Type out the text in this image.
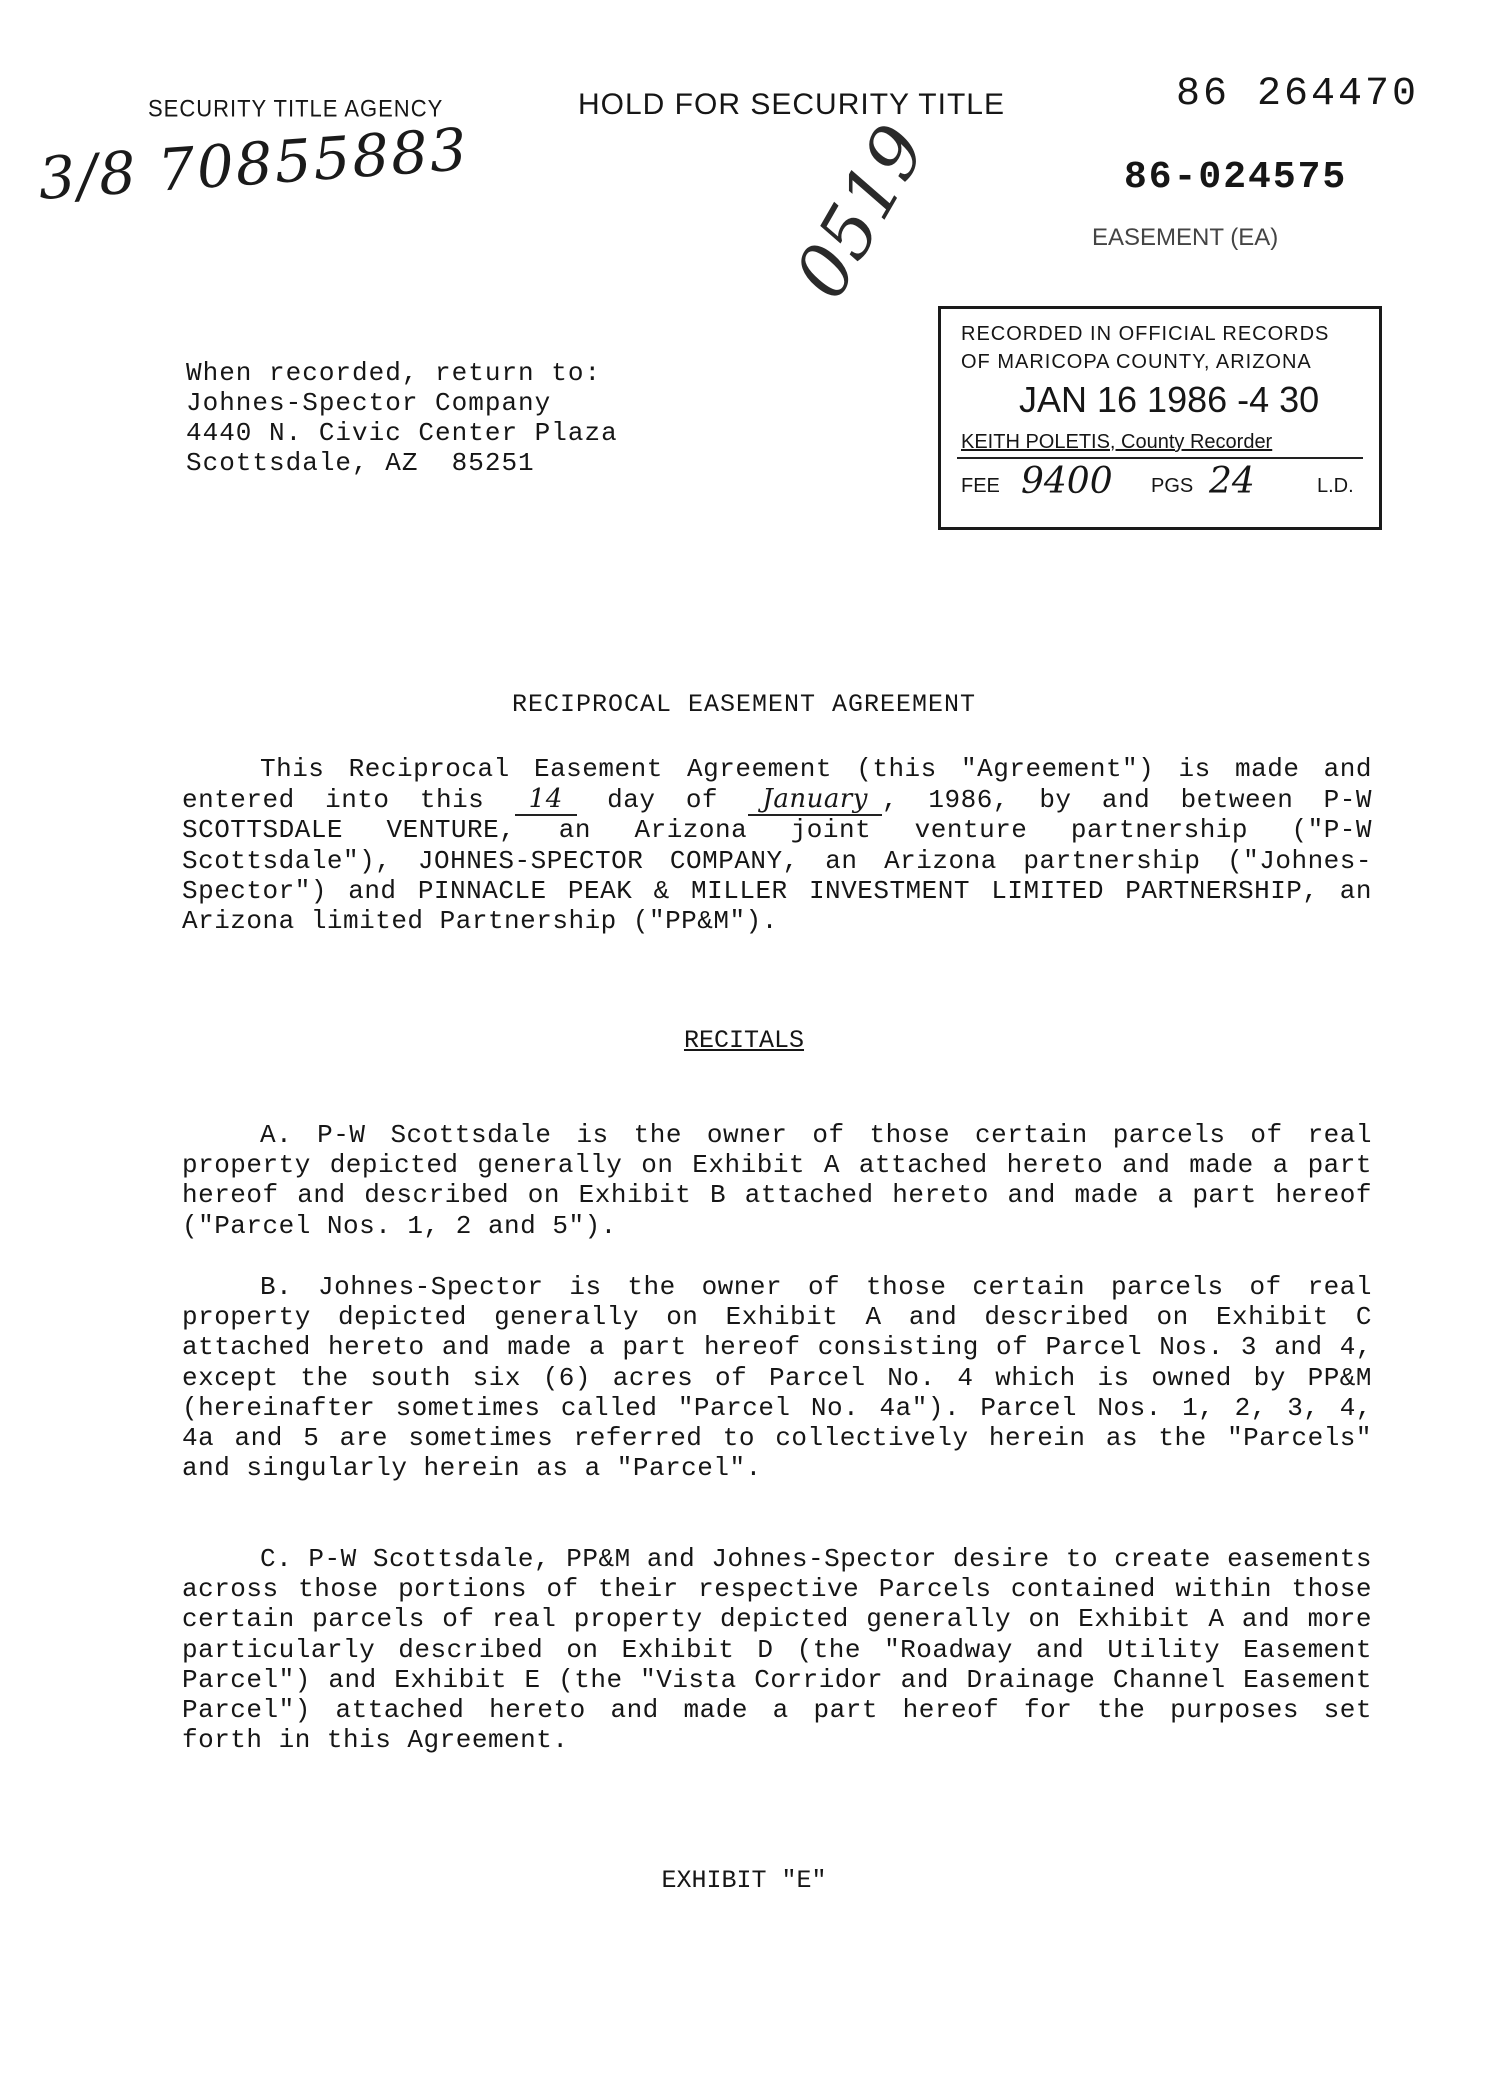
SECURITY TITLE AGENCY	HOLD FOR SECURITY TITLE
3/8 70855883	0519
86 264470
86-024575
EASEMENT (EA)
RECORDED IN OFFICIAL RECORDS
OF MARICOPA COUNTY, ARIZONA
JAN 16 1986 -4 30
KEITH POLETIS, County Recorder
FEE 9400 PGS 24	L.D.
When recorded, return to:
Johnes-Spector Company
4440 N. Civic Center Plaza
Scottsdale, AZ  85251
RECIPROCAL EASEMENT AGREEMENT

This Reciprocal Easement Agreement (this "Agreement") is made and entered into this 14 day of January , 1986, by and between P-W SCOTTSDALE VENTURE, an Arizona joint venture partnership ("P-W Scottsdale"), JOHNES-SPECTOR COMPANY, an Arizona partnership ("Johnes-Spector") and PINNACLE PEAK & MILLER INVESTMENT LIMITED PARTNERSHIP, an Arizona limited Partnership ("PP&M").

RECITALS

A. P-W Scottsdale is the owner of those certain parcels of real property depicted generally on Exhibit A attached hereto and made a part hereof and described on Exhibit B attached hereto and made a part hereof ("Parcel Nos. 1, 2 and 5").

B. Johnes-Spector is the owner of those certain parcels of real property depicted generally on Exhibit A and described on Exhibit C attached hereto and made a part hereof consisting of Parcel Nos. 3 and 4, except the south six (6) acres of Parcel No. 4 which is owned by PP&M (hereinafter sometimes called "Parcel No. 4a"). Parcel Nos. 1, 2, 3, 4, 4a and 5 are sometimes referred to collectively herein as the "Parcels" and singularly herein as a "Parcel".

C. P-W Scottsdale, PP&M and Johnes-Spector desire to create easements across those portions of their respective Parcels contained within those certain parcels of real property depicted generally on Exhibit A and more particularly described on Exhibit D (the "Roadway and Utility Easement Parcel") and Exhibit E (the "Vista Corridor and Drainage Channel Easement Parcel") attached hereto and made a part hereof for the purposes set forth in this Agreement.

EXHIBIT "E"
